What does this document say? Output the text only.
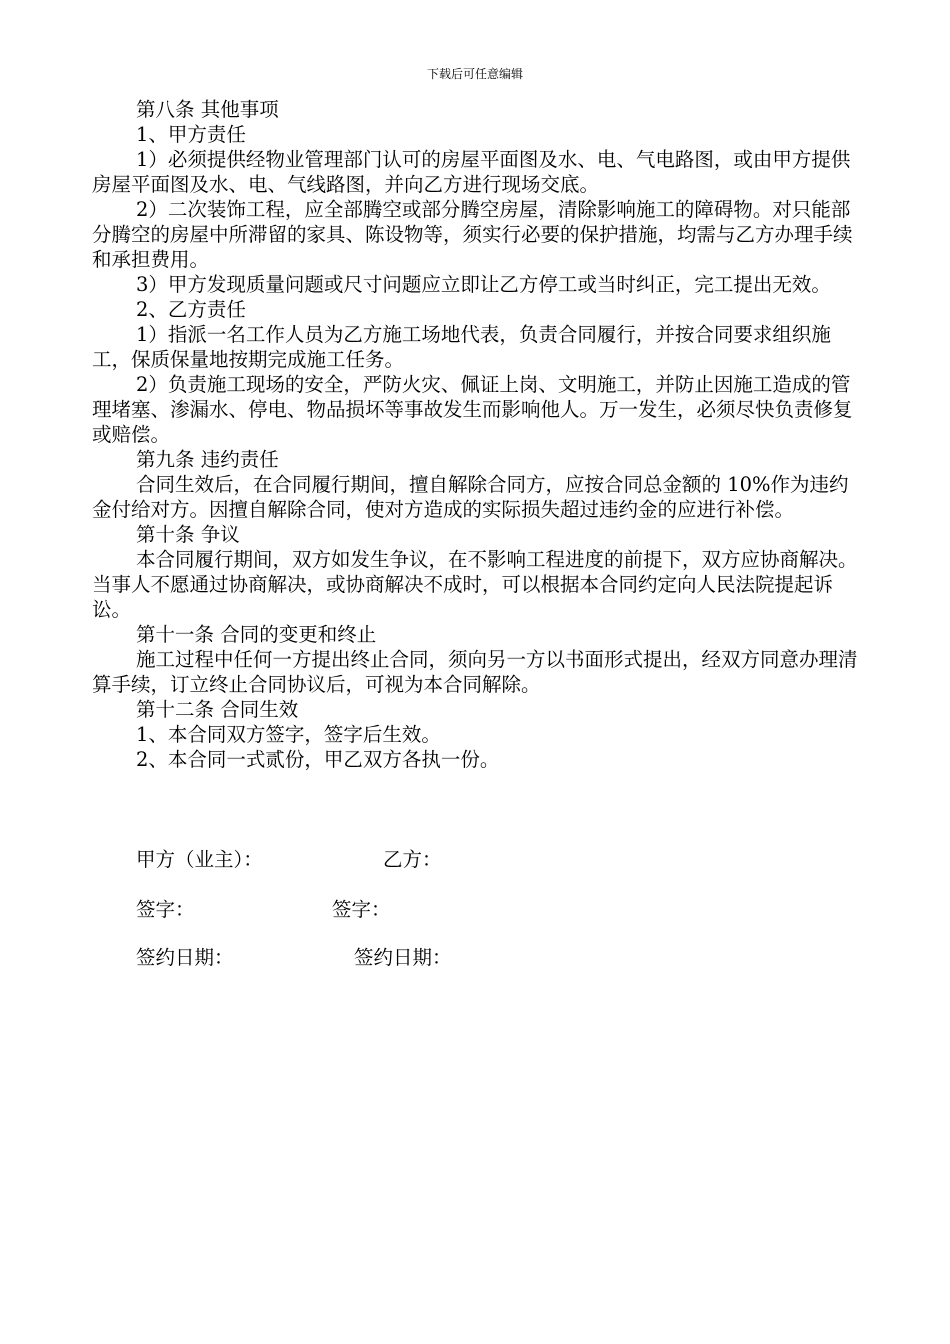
下载后可任意编辑

第八条 其他事项

1、甲方责任

1）必须提供经物业管理部门认可的房屋平面图及水、电、气电路图，或由甲方提供房屋平面图及水、电、气线路图，并向乙方进行现场交底。

2）二次装饰工程，应全部腾空或部分腾空房屋，清除影响施工的障碍物。对只能部分腾空的房屋中所滞留的家具、陈设物等，须实行必要的保护措施，均需与乙方办理手续和承担费用。

3）甲方发现质量问题或尺寸问题应立即让乙方停工或当时纠正，完工提出无效。

2、乙方责任

1）指派一名工作人员为乙方施工场地代表，负责合同履行，并按合同要求组织施工，保质保量地按期完成施工任务。

2）负责施工现场的安全，严防火灾、佩证上岗、文明施工，并防止因施工造成的管理堵塞、渗漏水、停电、物品损坏等事故发生而影响他人。万一发生，必须尽快负责修复或赔偿。

第九条 违约责任

合同生效后，在合同履行期间，擅自解除合同方，应按合同总金额的 10%作为违约金付给对方。因擅自解除合同，使对方造成的实际损失超过违约金的应进行补偿。

第十条 争议

本合同履行期间，双方如发生争议，在不影响工程进度的前提下，双方应协商解决。当事人不愿通过协商解决，或协商解决不成时，可以根据本合同约定向人民法院提起诉讼。

第十一条 合同的变更和终止

施工过程中任何一方提出终止合同，须向另一方以书面形式提出，经双方同意办理清算手续，订立终止合同协议后，可视为本合同解除。

第十二条 合同生效

1、本合同双方签字，签字后生效。

2、本合同一式贰份，甲乙双方各执一份。

甲方（业主）：	乙方：
签字：	签字：
签约日期：	签约日期：
